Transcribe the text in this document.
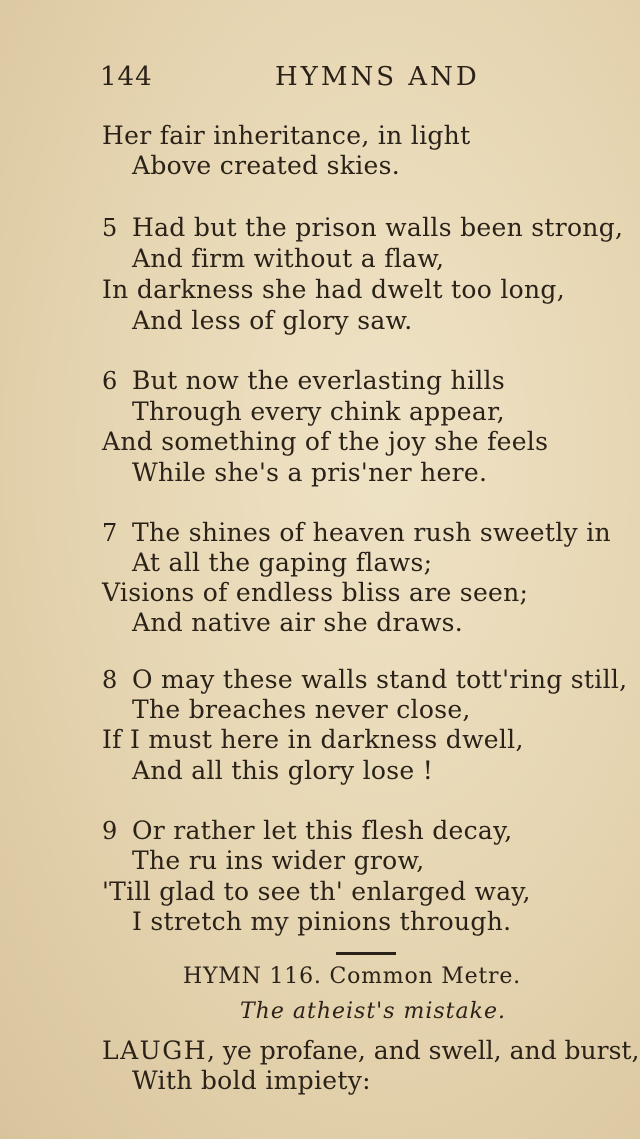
144	HYMNS AND
Her fair inheritance, in light
Above created skies.
5 Had but the prison walls been strong,
And firm without a flaw,
In darkness she had dwelt too long,
And less of glory saw.
6 But now the everlasting hills
Through every chink appear,
And something of the joy she feels
While she's a pris'ner here.
7 The shines of heaven rush sweetly in
At all the gaping flaws;
Visions of endless bliss are seen;
And native air she draws.
8 O may these walls stand tott'ring still,
The breaches never close,
If I must here in darkness dwell,
And all this glory lose !
9 Or rather let this flesh decay,
The ru ins wider grow,
'Till glad to see th' enlarged way,
I stretch my pinions through.
HYMN 116. Common Metre.
The atheist's mistake.
LAUGH, ye profane, and swell, and burst,
With bold impiety:
